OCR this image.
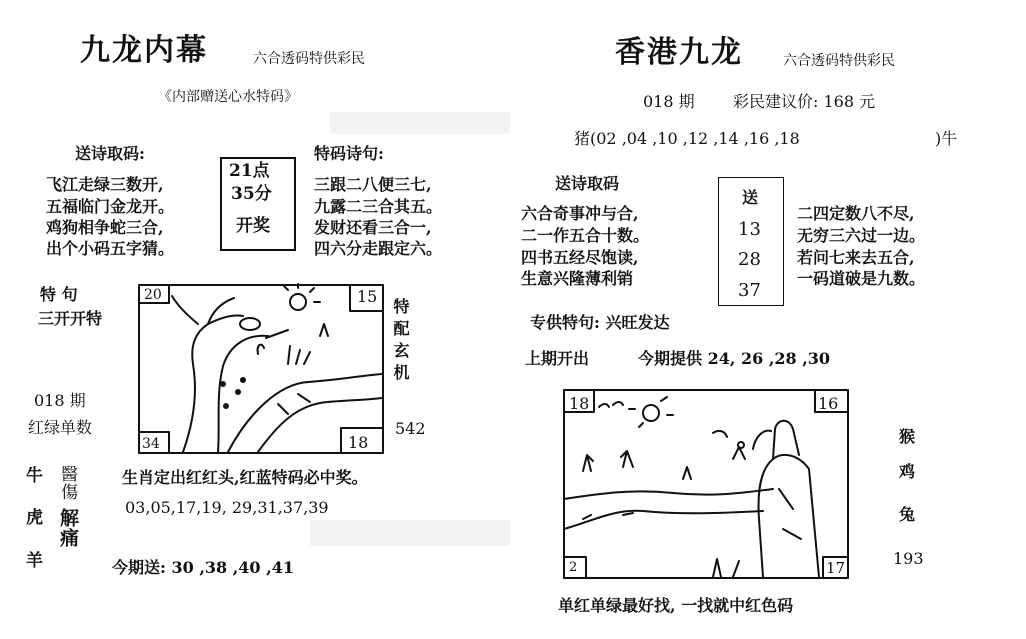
九龙内幕	六合透码特供彩民
《内部赠送心水特码》
送诗取码:
飞江走绿三数开,
五福临门金龙开。
鸡狗相争蛇三合,
出个小码五字猜。
21点
35分
开奖
特码诗句:
三跟二八便三七,
九露二三合其五。
发财还看三合一,
四六分走跟定六。
特 句
三开开特
018 期
红绿单数
20	15
34	18
特配玄机
542
牛
虎
羊
醫傷
解痛
生肖定出红红头,红蓝特码必中奖。
03,05,17,19, 29,31,37,39
今期送: 30 ,38 ,40 ,41
香港九龙	六合透码特供彩民
018 期 彩民建议价: 168 元
猪(02 ,04 ,10 ,12 ,14 ,16 ,18	)牛
送诗取码
六合奇事冲与合,
二一作五合十数。
四书五经尽饱读,
生意兴隆薄利销
送
13
28
37
二四定数八不尽,
无穷三六过一边。
若问七来去五合,
一码道破是九数。
专供特句: 兴旺发达
上期开出	今期提供 24, 26 ,28 ,30
18	16
2	17
猴
鸡
兔
193
单红单绿最好找, 一找就中红色码
